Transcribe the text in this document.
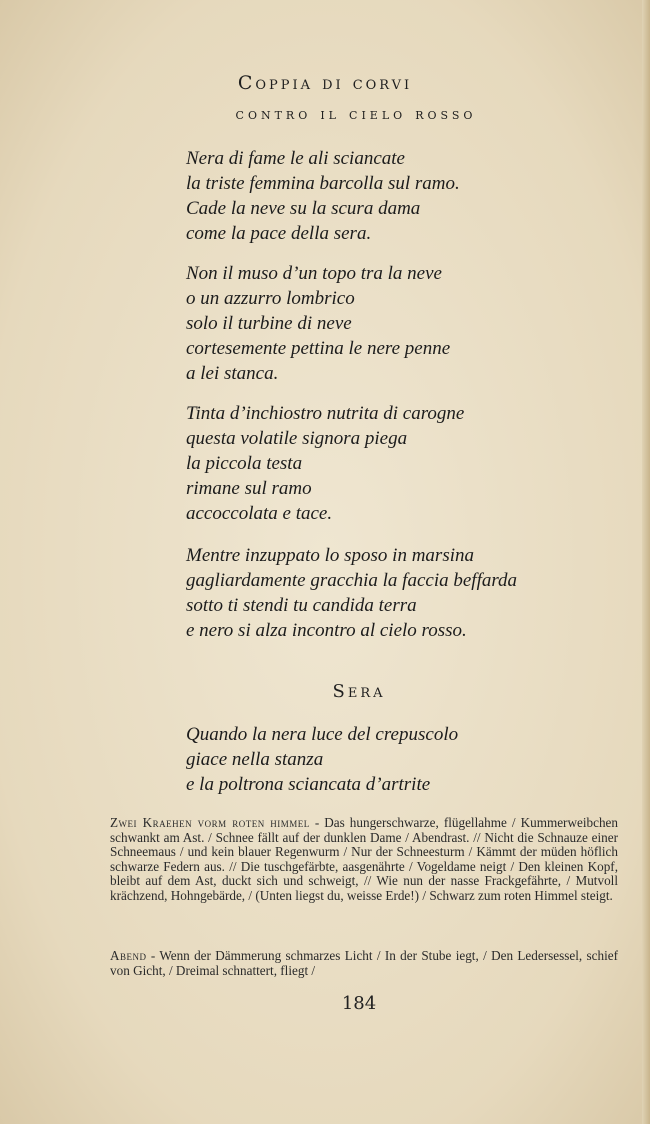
Coppia di corvi
contro il cielo rosso

Nera di fame le ali sciancate
la triste femmina barcolla sul ramo.
Cade la neve su la scura dama
come la pace della sera.

Non il muso d’un topo tra la neve
o un azzurro lombrico
solo il turbine di neve
cortesemente pettina le nere penne
a lei stanca.

Tinta d’inchiostro nutrita di carogne
questa volatile signora piega
la piccola testa
rimane sul ramo
accoccolata e tace.

Mentre inzuppato lo sposo in marsina
gagliardamente gracchia la faccia beffarda
sotto ti stendi tu candida terra
e nero si alza incontro al cielo rosso.

Sera

Quando la nera luce del crepuscolo
giace nella stanza
e la poltrona sciancata d’artrite

Zwei Kraehen vorm roten himmel - Das hungerschwarze, flügellahme / Kummerweibchen schwankt am Ast. / Schnee fällt auf der dunklen Dame / Abendrast. // Nicht die Schnauze einer Schneemaus / und kein blauer Regenwurm / Nur der Schneesturm / Kämmt der müden höflich schwarze Federn aus. // Die tuschgefärbte, aasgenährte / Vogeldame neigt / Den kleinen Kopf, bleibt auf dem Ast, duckt sich und schweigt, // Wie nun der nasse Frackgefährte, / Mutvoll krächzend, Hohngebärde, / (Unten liegst du, weisse Erde!) / Schwarz zum roten Himmel steigt.
Abend - Wenn der Dämmerung schmarzes Licht / In der Stube iegt, / Den Ledersessel, schief von Gicht, / Dreimal schnattert, fliegt /
184
